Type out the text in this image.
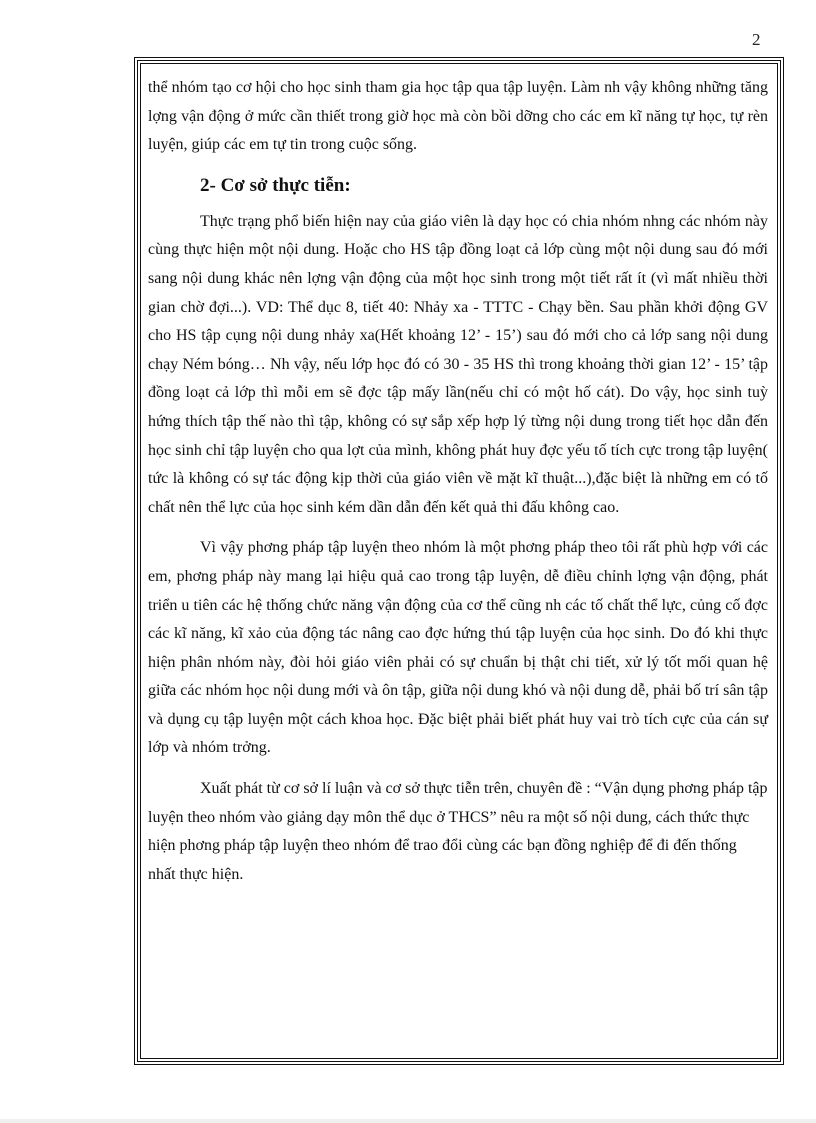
2

thể nhóm tạo cơ hội cho học sinh tham gia học tập qua tập luyện. Làm nh vậy không những tăng lợng vận động ở mức cần thiết trong giờ học mà còn bồi dỡng cho các em kĩ năng tự học, tự rèn luyện, giúp các em tự tin trong cuộc sống.

2- Cơ sở thực tiễn:

Thực trạng phổ biến hiện nay của giáo viên là dạy học có chia nhóm nhng các nhóm này cùng thực hiện một nội dung. Hoặc cho HS tập đồng loạt cả lớp cùng một nội dung sau đó mới sang nội dung khác nên lợng vận động của một học sinh trong một tiết rất ít (vì mất nhiều thời gian chờ đợi...). VD: Thể dục 8, tiết 40: Nhảy xa - TTTC - Chạy bền. Sau phần khởi động GV cho HS tập cụng nội dung nhảy xa(Hết khoảng 12’ - 15’) sau đó mới cho cả lớp sang nội dung chạy Ném bóng… Nh vậy, nếu lớp học đó có 30 - 35 HS thì trong khoảng thời gian 12’ - 15’ tập đồng loạt cả lớp thì mỗi em sẽ đợc tập mấy lần(nếu chỉ có một hố cát). Do vậy, học sinh tuỳ hứng thích tập thế nào thì tập, không có sự sắp xếp hợp lý từng nội dung trong tiết học dẫn đến học sinh chỉ tập luyện cho qua lợt của mình, không phát huy đợc yếu tố tích cực trong tập luyện( tức là không có sự tác động kịp thời của giáo viên về mặt kĩ thuật...),đặc biệt là những em có tố chất nên thể lực của học sinh kém dần dẫn đến kết quả thi đấu không cao.

Vì vậy phơng pháp tập luyện theo nhóm là một phơng pháp theo tôi rất phù hợp với các em, phơng pháp này mang lại hiệu quả cao trong tập luyện, dễ điều chỉnh lợng vận động, phát triển u tiên các hệ thống chức năng vận động của cơ thể cũng nh các tố chất thể lực, củng cố đợc các kĩ năng, kĩ xảo của động tác nâng cao đợc hứng thú tập luyện của học sinh. Do đó khi thực hiện phân nhóm này, đòi hỏi giáo viên phải có sự chuẩn bị thật chi tiết, xử lý tốt mối quan hệ giữa các nhóm học nội dung mới và ôn tập, giữa nội dung khó và nội dung dễ, phải bố trí sân tập và dụng cụ tập luyện một cách khoa học. Đặc biệt phải biết phát huy vai trò tích cực của cán sự lớp và nhóm trởng.

Xuất phát từ cơ sở lí luận và cơ sở thực tiễn trên, chuyên đề : “Vận dụng phơng pháp tập luyện theo nhóm vào giảng dạy môn thể dục ở THCS” nêu ra một số nội dung, cách thức thực hiện phơng pháp tập luyện theo nhóm để trao đổi cùng các bạn đồng nghiệp để đi đến thống nhất thực hiện.
